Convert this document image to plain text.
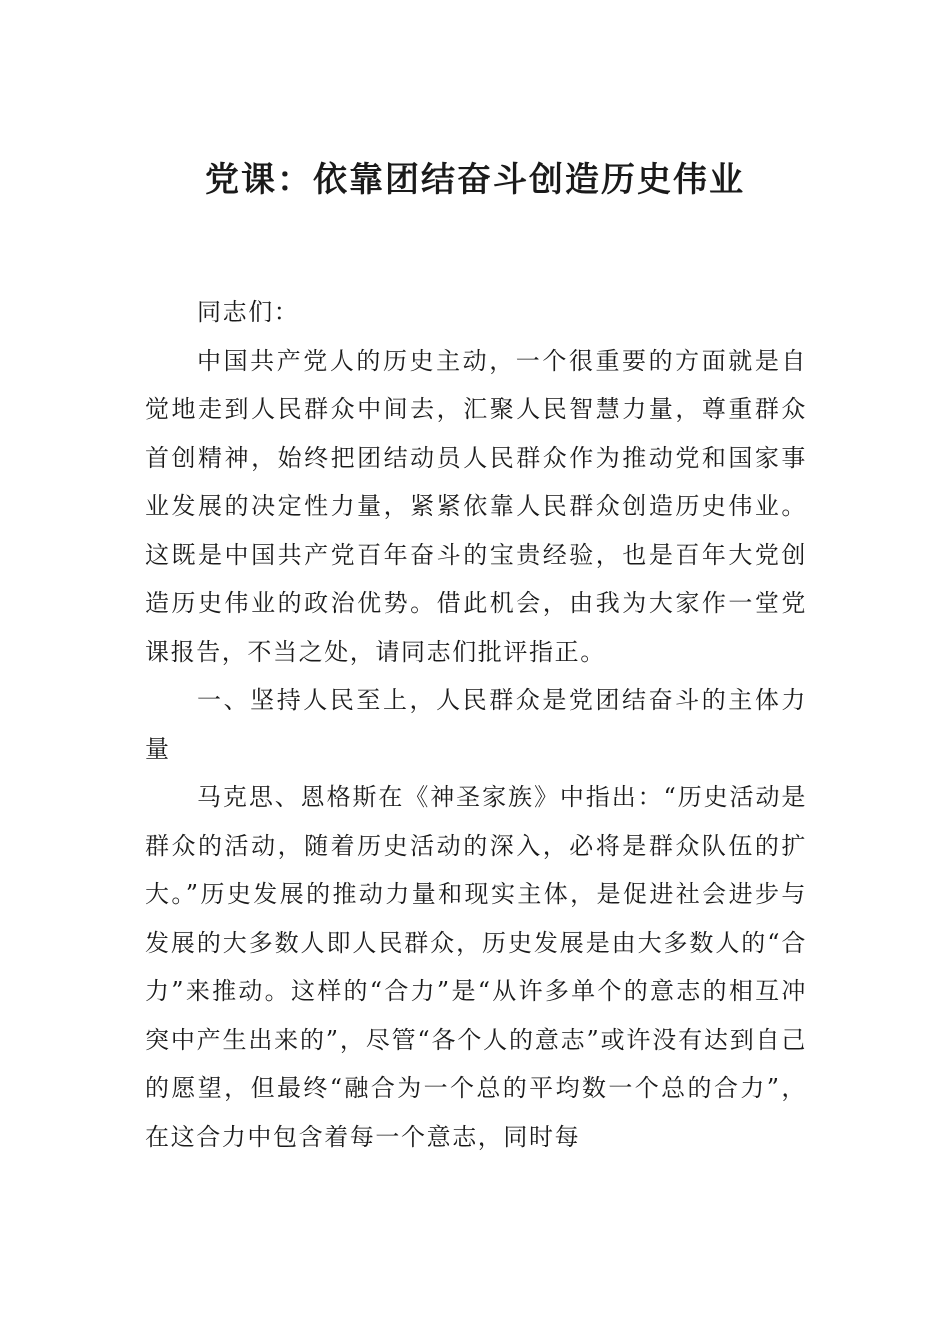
党课：依靠团结奋斗创造历史伟业

同志们：

中国共产党人的历史主动，一个很重要的方面就是自觉地走到人民群众中间去，汇聚人民智慧力量，尊重群众首创精神，始终把团结动员人民群众作为推动党和国家事业发展的决定性力量，紧紧依靠人民群众创造历史伟业。这既是中国共产党百年奋斗的宝贵经验，也是百年大党创造历史伟业的政治优势。借此机会，由我为大家作一堂党课报告，不当之处，请同志们批评指正。

一、坚持人民至上，人民群众是党团结奋斗的主体力量

马克思、恩格斯在《神圣家族》中指出：“历史活动是群众的活动，随着历史活动的深入，必将是群众队伍的扩大。”历史发展的推动力量和现实主体，是促进社会进步与发展的大多数人即人民群众，历史发展是由大多数人的“合力”来推动。这样的“合力”是“从许多单个的意志的相互冲突中产生出来的”，尽管“各个人的意志”或许没有达到自己的愿望，但最终“融合为一个总的平均数一个总的合力”，在这合力中包含着每一个意志，同时每
